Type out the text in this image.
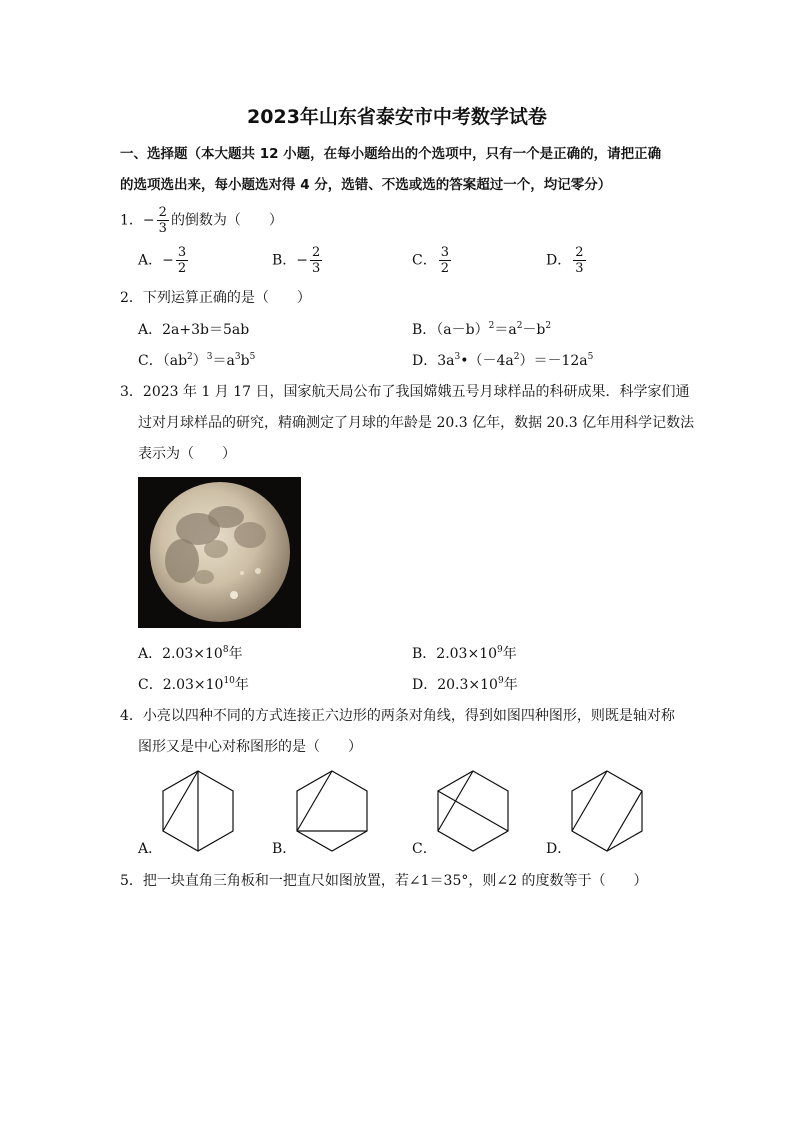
2023年山东省泰安市中考数学试卷
一、选择题（本大题共 12 小题，在每小题给出的个选项中，只有一个是正确的，请把正确
的选项选出来，每小题选对得 4 分，选错、不选或选的答案超过一个，均记零分）
1．− $\frac{2}{3}$ 的倒数为（　　）
A．− $\frac{3}{2}$	B．− $\frac{2}{3}$	C． $\frac{3}{2}$	D． $\frac{2}{3}$
2．下列运算正确的是（　　）
A．2a+3b＝5ab	B．$(a-b)^2=a^2-b^2$
C．$(ab^2)^3=a^3b^5$	D．$3a^3•(-4a^2)=-12a^5$
3．2023 年 1 月 17 日，国家航天局公布了我国嫦娥五号月球样品的科研成果．科学家们通
过对月球样品的研究，精确测定了月球的年龄是 20.3 亿年，数据 20.3 亿年用科学记数法
表示为（　　）
A．$2.03\times 10^8$年	B．$2.03\times 10^9$年
C．$2.03\times 10^{10}$年	D．$20.3\times 10^9$年
4．小亮以四种不同的方式连接正六边形的两条对角线，得到如图四种图形，则既是轴对称
图形又是中心对称图形的是（　　）
A．	B．	C．	D．
5．把一块直角三角板和一把直尺如图放置，若∠1＝35°，则∠2 的度数等于（　　）
